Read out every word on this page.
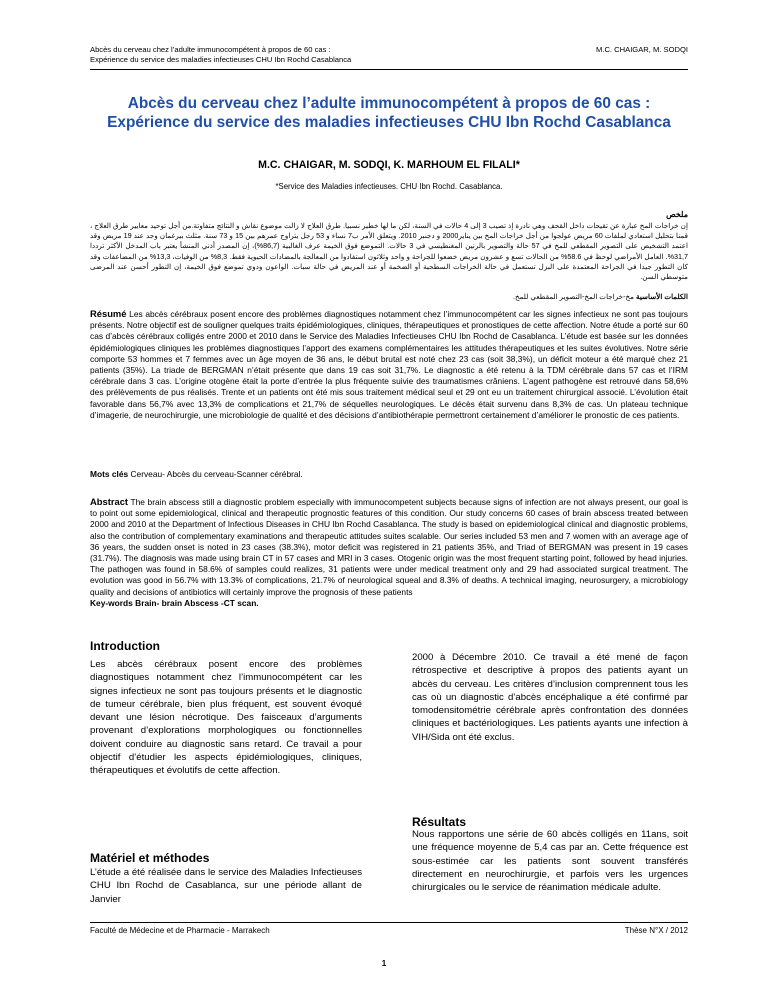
Abcès du cerveau chez l’adulte immunocompétent à propos de 60 cas :
Expérience du service des maladies infectieuses CHU Ibn Rochd Casablanca
M.C. CHAIGAR, M. SODQI
Abcès du cerveau chez l’adulte immunocompétent à propos de 60 cas : Expérience du service des maladies infectieuses CHU Ibn Rochd Casablanca
M.C. CHAIGAR, M. SODQI, K. MARHOUM EL FILALI*
*Service des Maladies infectieuses. CHU Ibn Rochd. Casablanca.
ملخص
إن خراجات المخ عبارة عن تقيحات داخل القحف وهي نادرة إذ تصيب 3 إلى 4 حالات في السنة، لكن ما لها خطير نسبيا. طرق العلاج لا زالت موضوع نقاش و النتائج متفاوتة.من أجل توحيد معايير طرق العلاج ، قمنا بتحليل استعادي لملفات 60 مريض عولجوا من أجل خراجات المخ بين يناير2000 و دجنبر 2010. ويتعلق الأمر ب7 نساء و 53 رجل يتراوح عمرهم بين 15 و 73 سنة. مثلث بيرغمان وجد عند 19 مريض وقد اعتمد التشخيص على التصوير المقطعي للمخ في 57 حالة والتصوير بالرنين المغنطيسي في 3 حالات. التموضع فوق الخيمة عرف الغالبية (86,7%)، إن المصدر أذني المنشأ يعتبر باب المدخل الأكثر ترددا 31,7%. العامل الأمراضي لوحظ في 58.6% من الحالات تسع و عشرون مريض خضعوا للجراحة و واحد وثلاثون استفادوا من المعالجة بالمضادات الحيوية فقط. 8,3% من الوفيات، 13,3% من المضاعفات وقد كان التطور جيدا في الجراحة المعتمدة على البزل تستعمل في حالة الخراجات السطحية أو الضخمة أو عند المريض في حالة سبات. الواعون ودوي تموضع فوق الخيمة، إن التطور أحسن عند المرضى متوسطي السن.
الكلمات الأساسية مخ-خراجات المخ-التصوير المقطعي للمخ.
Résumé Les abcès cérébraux posent encore des problèmes diagnostiques notamment chez l’immunocompétent car les signes infectieux ne sont pas toujours présents. Notre objectif est de souligner quelques traits épidémiologiques, cliniques, thérapeutiques et pronostiques de cette affection. Notre étude a porté sur 60 cas d’abcès cérébraux colligés entre 2000 et 2010 dans le Service des Maladies Infectieuses CHU Ibn Rochd de Casablanca. L’étude est basée sur les données épidémiologiques cliniques les problèmes diagnostiques l’apport des examens complémentaires les attitudes thérapeutiques et les suites évolutives. Notre série comporte 53 hommes et 7 femmes avec un âge moyen de 36 ans, le début brutal est noté chez 23 cas (soit 38,3%), un déficit moteur a été marqué chez 21 patients (35%). La triade de BERGMAN n’était présente que dans 19 cas soit 31,7%. Le diagnostic a été retenu à la TDM cérébrale dans 57 cas et l’IRM cérébrale dans 3 cas. L’origine otogène était la porte d’entrée la plus fréquente suivie des traumatismes crâniens. L’agent pathogène est retrouvé dans 58,6% des prélèvements de pus réalisés. Trente et un patients ont été mis sous traitement médical seul et 29 ont eu un traitement chirurgical associé. L’évolution était favorable dans 56,7% avec 13,3% de complications et 21,7% de séquelles neurologiques. Le décès était survenu dans 8,3% de cas. Un plateau technique d’imagerie, de neurochirurgie, une microbiologie de qualité et des décisions d’antibiothérapie permettront certainement d’améliorer le pronostic de ces patients.
Mots clés Cerveau- Abcès du cerveau-Scanner cérébral.
Abstract The brain abscess still a diagnostic problem especially with immunocompetent subjects because signs of infection are not always present, our goal is to point out some epidemiological, clinical and therapeutic prognostic features of this condition. Our study concerns 60 cases of brain abscess treated between 2000 and 2010 at the Department of Infectious Diseases in CHU Ibn Rochd Casablanca. The study is based on epidemiological clinical and diagnostic problems, also the contribution of complementary examinations and therapeutic attitudes suites scalable. Our series included 53 men and 7 women with an average age of 36 years, the sudden onset is noted in 23 cases (38.3%), motor deficit was registered in 21 patients 35%, and Triad of BERGMAN was present in 19 cases (31.7%). The diagnosis was made using brain CT in 57 cases and MRI in 3 cases. Otogenic origin was the most frequent starting point, followed by head injuries. The pathogen was found in 58.6% of samples could realizes, 31 patients were under medical treatment only and 29 had associated surgical treatment. The evolution was good in 56.7% with 13.3% of complications, 21.7% of neurological squeal and 8.3% of deaths. A technical imaging, neurosurgery, a microbiology quality and decisions of antibiotics will certainly improve the prognosis of these patients
Key-words Brain- brain Abscess -CT scan.
Introduction
Les abcès cérébraux posent encore des problèmes diagnostiques notamment chez l’immunocompétent car les signes infectieux ne sont pas toujours présents et le diagnostic de tumeur cérébrale, bien plus fréquent, est souvent évoqué devant une lésion nécrotique. Des faisceaux d’arguments provenant d’explorations morphologiques ou fonctionnelles doivent conduire au diagnostic sans retard. Ce travail a pour objectif d’étudier les aspects épidémiologiques, cliniques, thérapeutiques et évolutifs de cette affection.
Matériel et méthodes
L’étude a été réalisée dans le service des Maladies Infectieuses CHU Ibn Rochd de Casablanca, sur une période allant de Janvier
2000 à Décembre 2010. Ce travail a été mené de façon rétrospective et descriptive à propos des patients ayant un abcès du cerveau. Les critères d’inclusion comprennent tous les cas où un diagnostic d’abcès encéphalique a été confirmé par tomodensitométrie cérébrale après confrontation des données cliniques et bactériologiques. Les patients ayants une infection à VIH/Sida ont été exclus.
Résultats
Nous rapportons une série de 60 abcès colligés en 11ans, soit une fréquence moyenne de 5,4 cas par an. Cette fréquence est sous-estimée car les patients sont souvent transférés directement en neurochirurgie, et parfois vers les urgences chirurgicales ou le service de réanimation médicale adulte.
Faculté de Médecine et de Pharmacie - Marrakech	Thèse N°X / 2012
1
